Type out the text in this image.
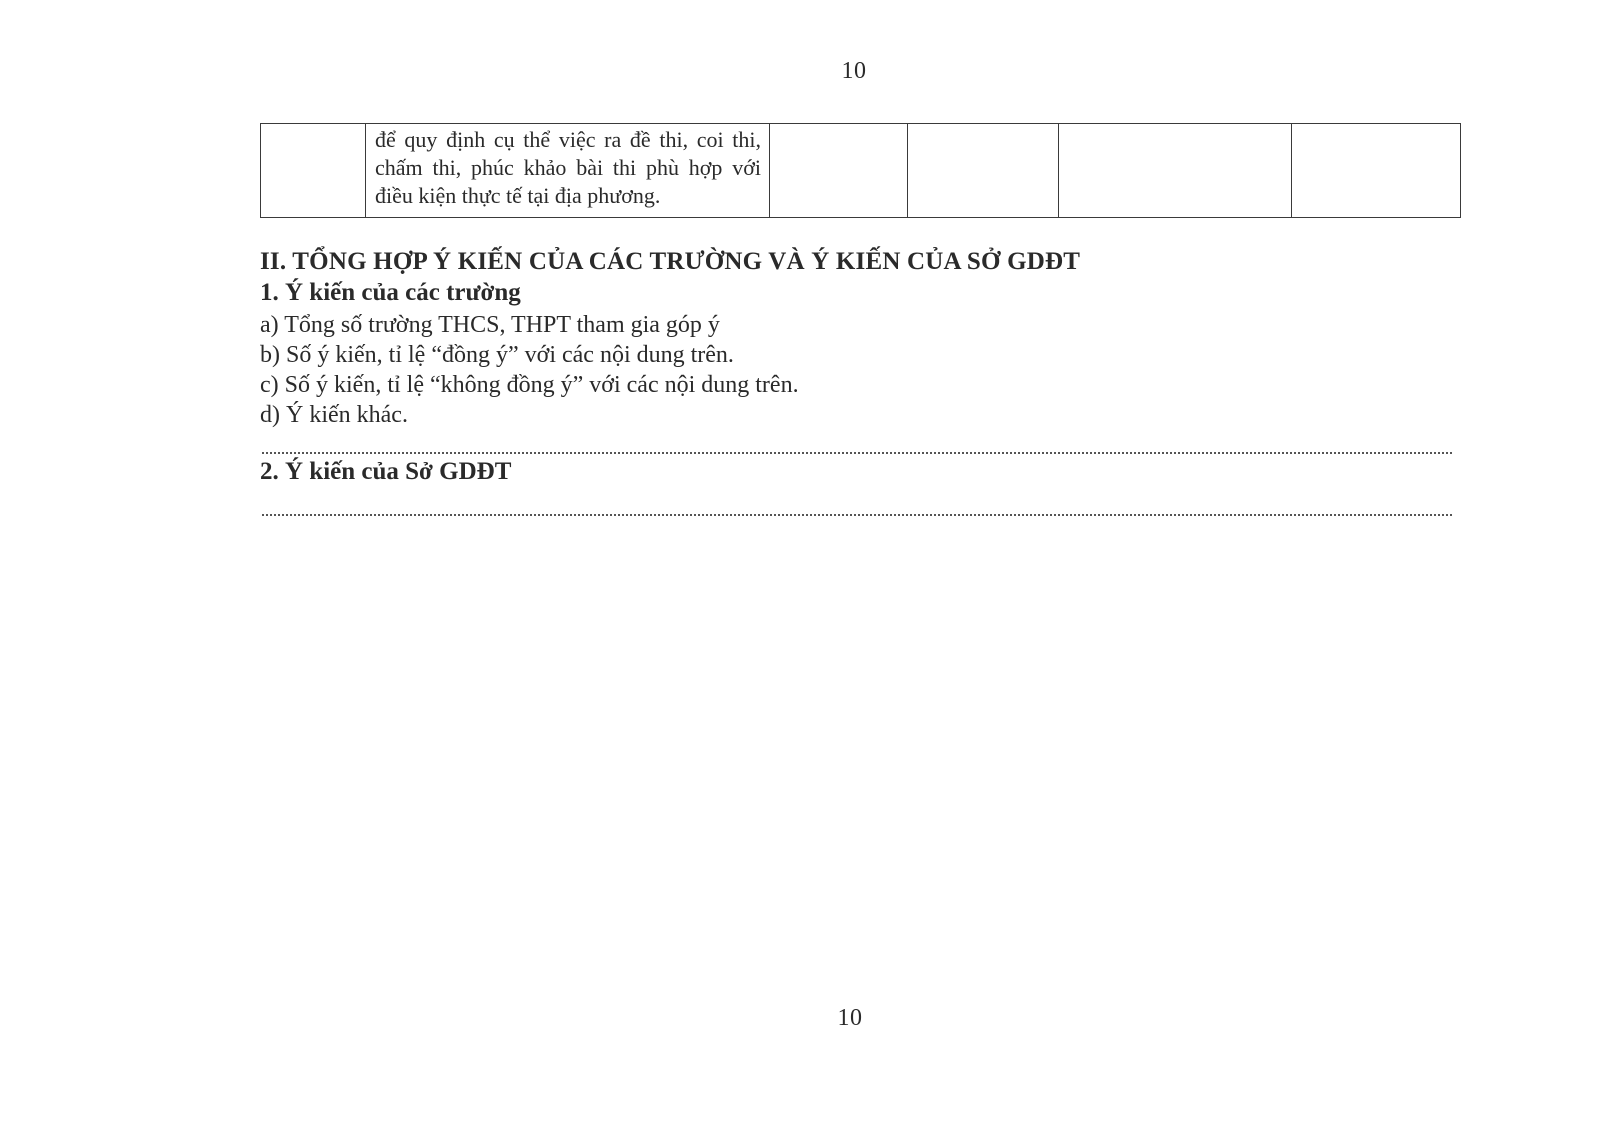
10
	để quy định cụ thể việc ra đề thi, coi thi, chấm thi, phúc khảo bài thi phù hợp với điều kiện thực tế tại địa phương.				
II. TỔNG HỢP Ý KIẾN CỦA CÁC TRƯỜNG VÀ Ý KIẾN CỦA SỞ GDĐT
1. Ý kiến của các trường
a) Tổng số trường THCS, THPT tham gia góp ý
b) Số ý kiến, tỉ lệ “đồng ý” với các nội dung trên.
c) Số ý kiến, tỉ lệ “không đồng ý” với các nội dung trên.
d) Ý kiến khác.
2. Ý kiến của Sở GDĐT
10
